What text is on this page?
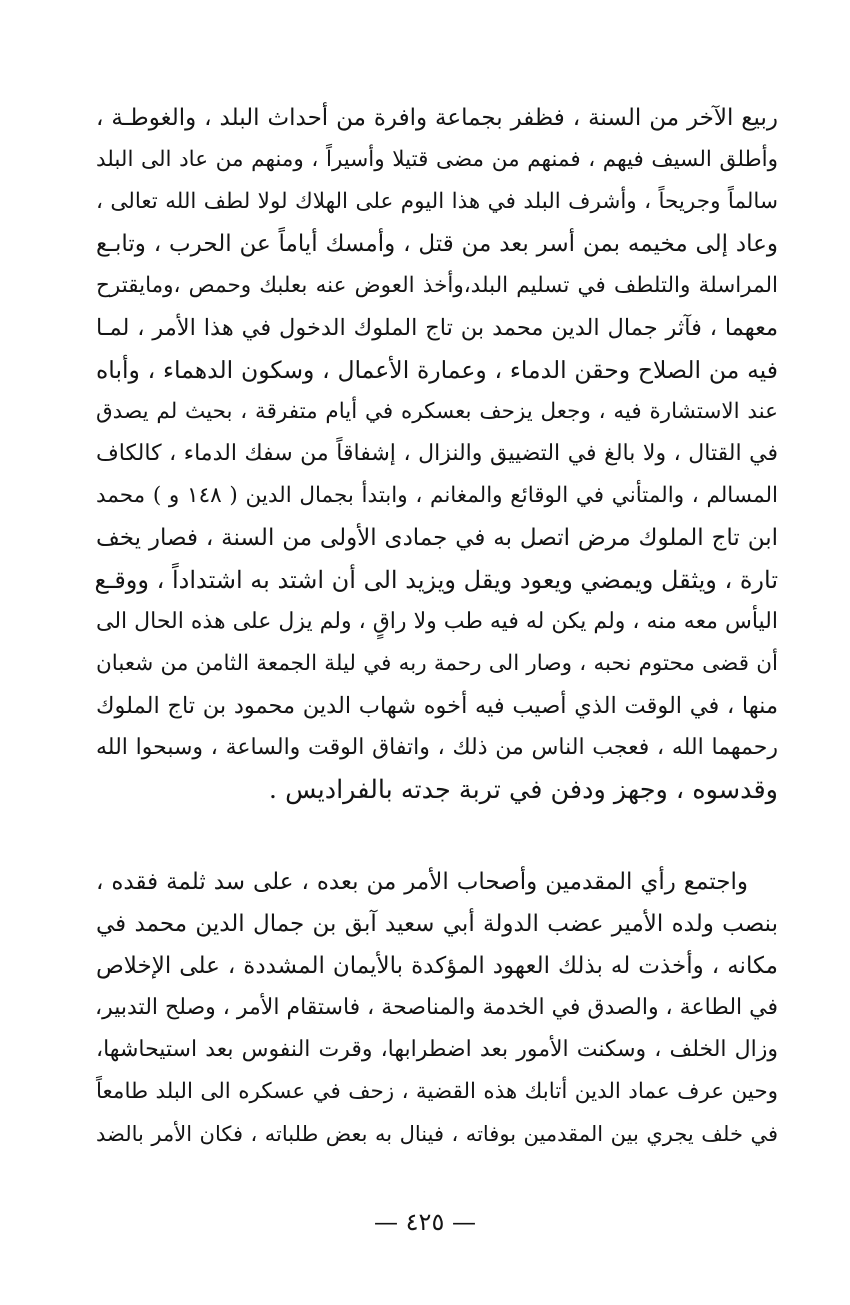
ربيع الآخر من السنة ، فظفر بجماعة وافرة من أحداث البلد ، والغوطـة ،
وأطلق السيف فيهم ، فمنهم من مضى قتيلا وأسيراً ، ومنهم من عاد الى البلد
سالماً وجريحاً ، وأشرف البلد في هذا اليوم على الهلاك لولا لطف الله تعالى ،
وعاد إلى مخيمه بمن أسر بعد من قتل ، وأمسك أياماً عن الحرب ، وتابـع
المراسلة والتلطف في تسليم البلد،وأخذ العوض عنه بعلبك وحمص ،ومايقترح
معهما ، فآثر جمال الدين محمد بن تاج الملوك الدخول في هذا الأمر ، لمـا
فيه من الصلاح وحقن الدماء ، وعمارة الأعمال ، وسكون الدهماء ، وأباه
عند الاستشارة فيه ، وجعل يزحف بعسكره في أيام متفرقة ، بحيث لم يصدق
في القتال ، ولا بالغ في التضييق والنزال ، إشفاقاً من سفك الدماء ، كالكاف
المسالم ، والمتأني في الوقائع والمغانم ، وابتدأ بجمال الدين ( ١٤٨ و ) محمد
ابن تاج الملوك مرض اتصل به في جمادى الأولى من السنة ، فصار يخف
تارة ، ويثقل ويمضي ويعود ويقل ويزيد الى أن اشتد به اشتداداً ، ووقـع
اليأس معه منه ، ولم يكن له فيه طب ولا راقٍ ، ولم يزل على هذه الحال الى
أن قضى محتوم نحبه ، وصار الى رحمة ربه في ليلة الجمعة الثامن من شعبان
منها ، في الوقت الذي أصيب فيه أخوه شهاب الدين محمود بن تاج الملوك
رحمهما الله ، فعجب الناس من ذلك ، واتفاق الوقت والساعة ، وسبحوا الله
وقدسوه ، وجهز ودفن في تربة جدته بالفراديس .
واجتمع رأي المقدمين وأصحاب الأمر من بعده ، على سد ثلمة فقده ،
بنصب ولده الأمير عضب الدولة أبي سعيد آبق بن جمال الدين محمد في
مكانه ، وأخذت له بذلك العهود المؤكدة بالأيمان المشددة ، على الإخلاص
في الطاعة ، والصدق في الخدمة والمناصحة ، فاستقام الأمر ، وصلح التدبير،
وزال الخلف ، وسكنت الأمور بعد اضطرابها، وقرت النفوس بعد استيحاشها،
وحين عرف عماد الدين أتابك هذه القضية ، زحف في عسكره الى البلد طامعاً
في خلف يجري بين المقدمين بوفاته ، فينال به بعض طلباته ، فكان الأمر بالضد
— ٤٢٥ —
